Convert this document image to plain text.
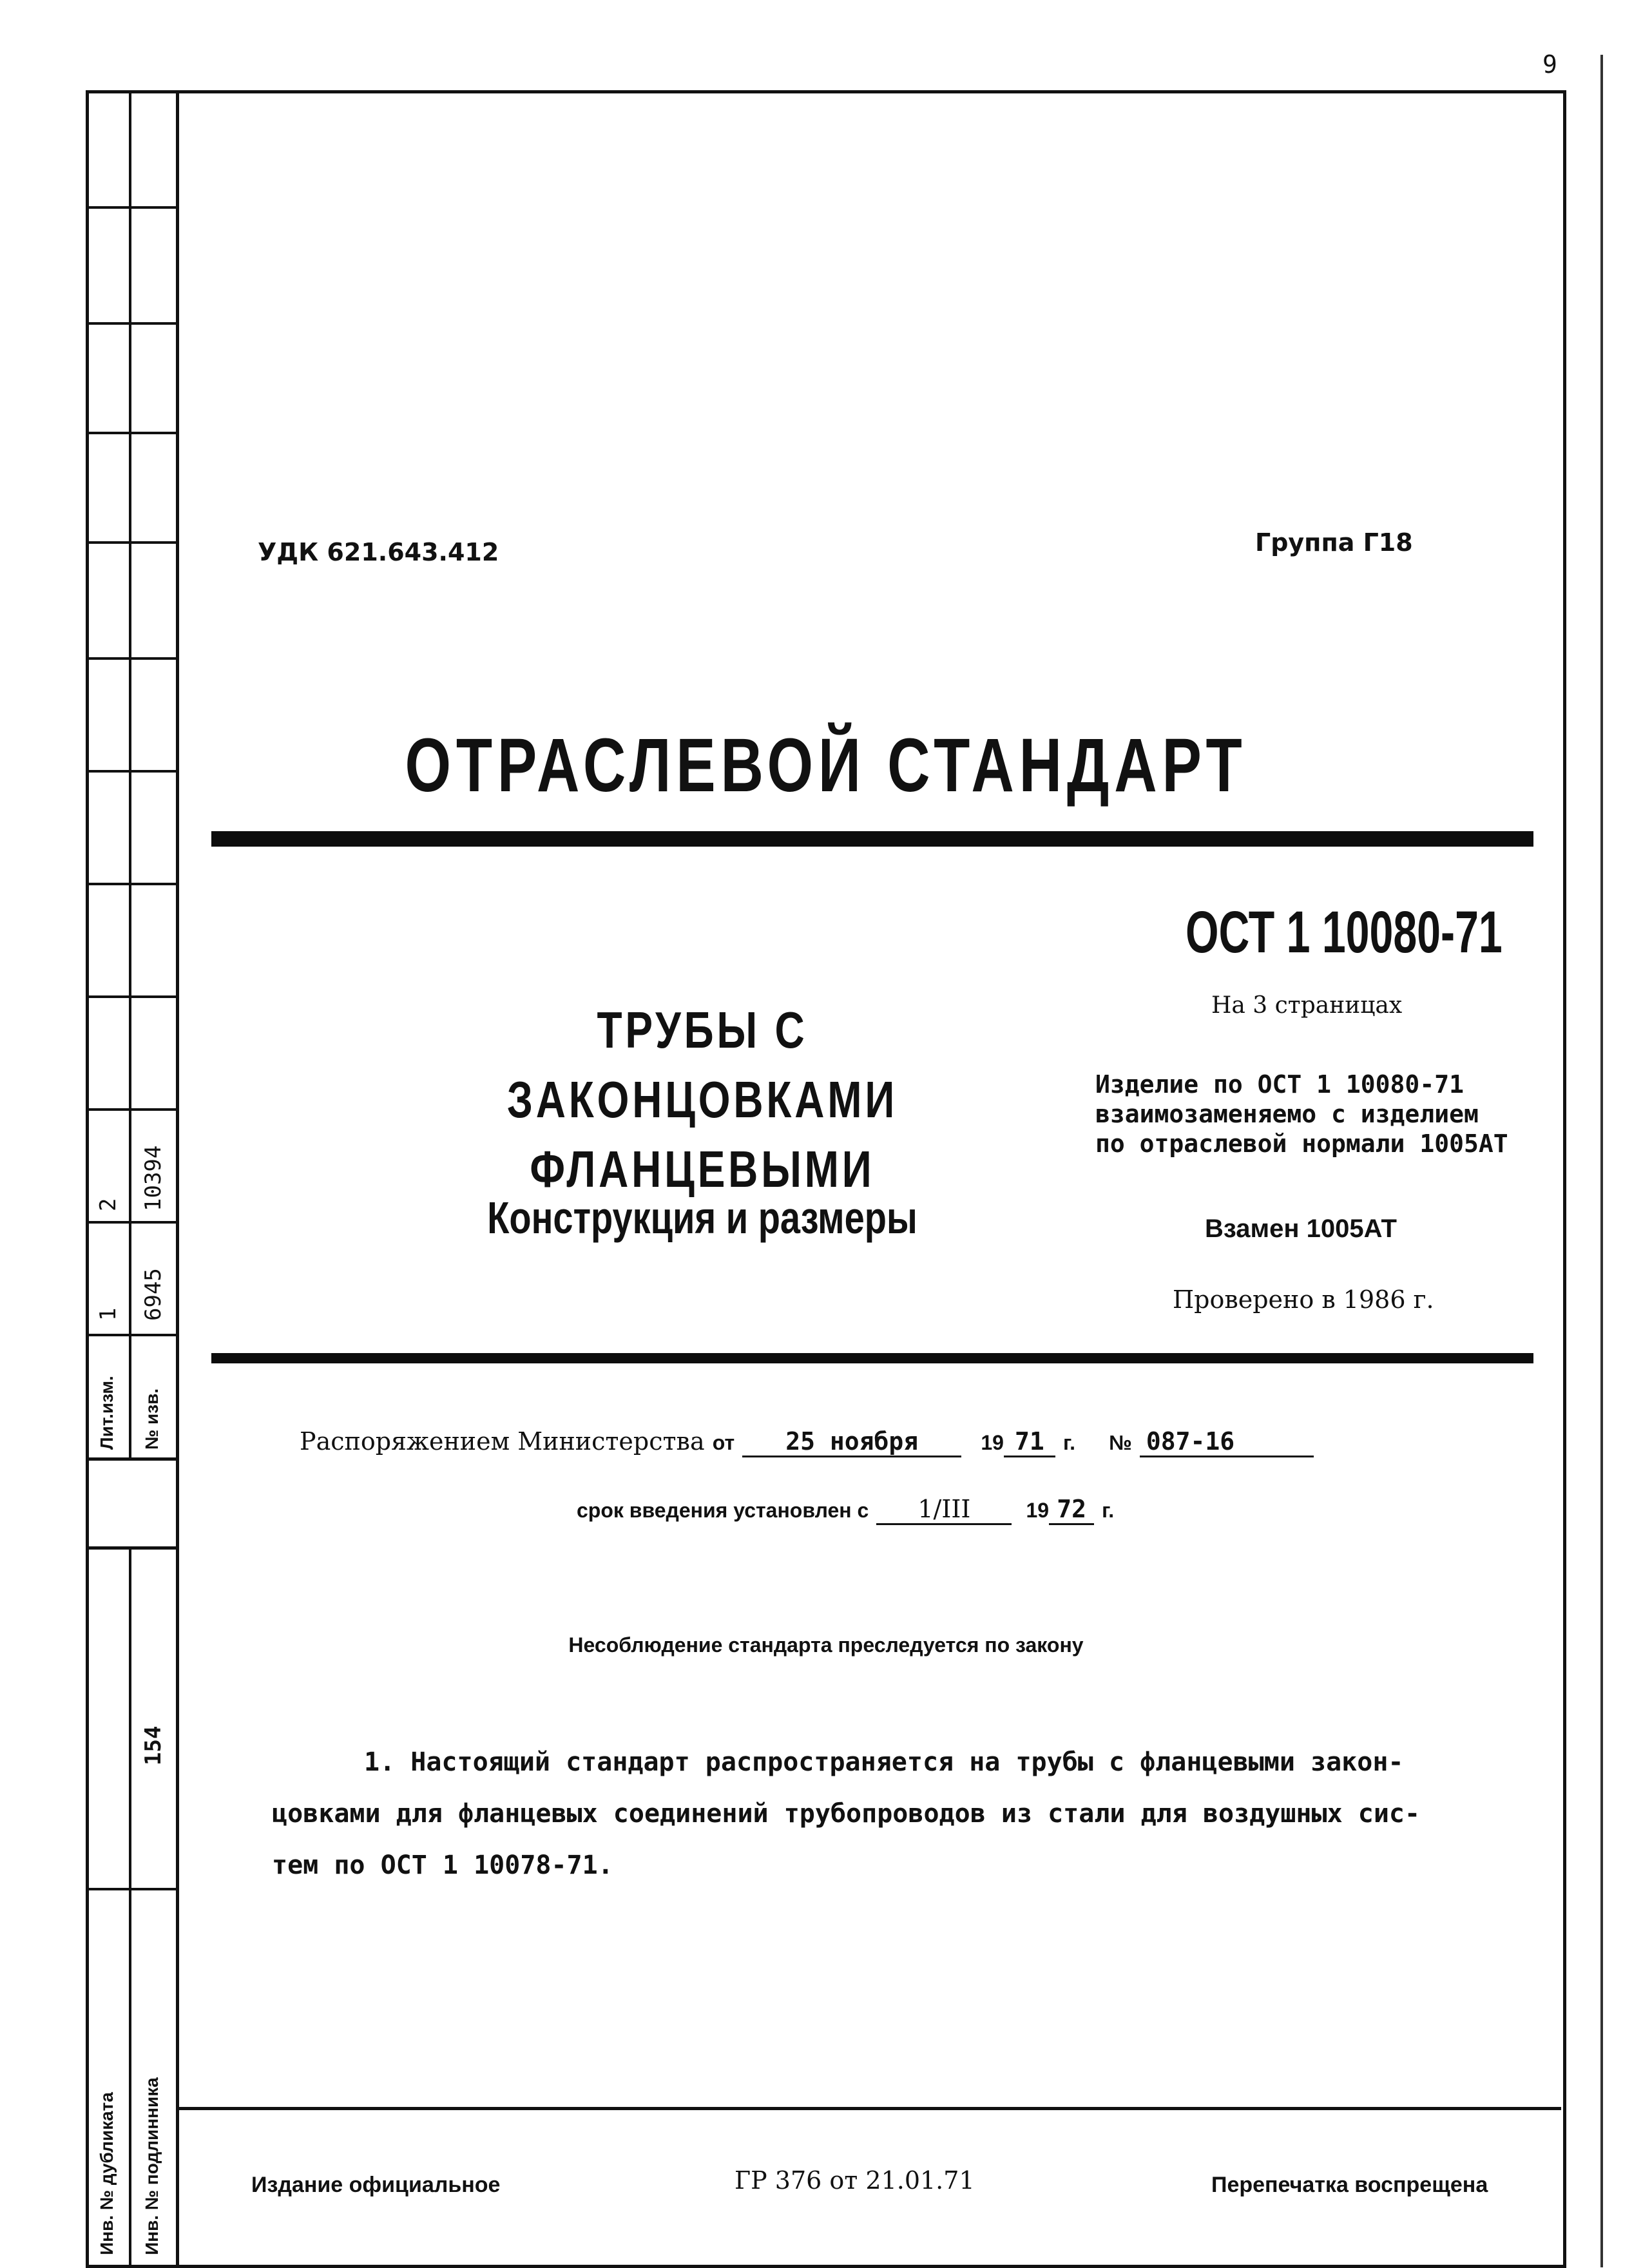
9
2 10394
1 6945
Лит.изм. № изв.
154
Инв. № дубликата Инв. № подлинника
УДК 621.643.412	Группа Г18
ОТРАСЛЕВОЙ СТАНДАРТ
ОСТ 1 10080-71
На 3 страницах
ТРУБЫ С ЗАКОНЦОВКАМИ
ФЛАНЦЕВЫМИ
Изделие по ОСТ 1 10080-71
взаимозаменяемо с изделием
по отраслевой нормали 1005АТ
Конструкция и размеры	Взамен 1005АТ
Проверено в 1986 г.
Распоряжением Министерства от 25 ноября	19 71 г. № 087-16
срок введения установлен с 1/III	19 72 г.
Несоблюдение стандарта преследуется по закону
1. Настоящий стандарт распространяется на трубы с фланцевыми закон-
цовками для фланцевых соединений трубопроводов из стали для воздушных сис-
тем по ОСТ 1 10078-71.
Издание официальное	ГР 376 от 21.01.71	Перепечатка воспрещена
